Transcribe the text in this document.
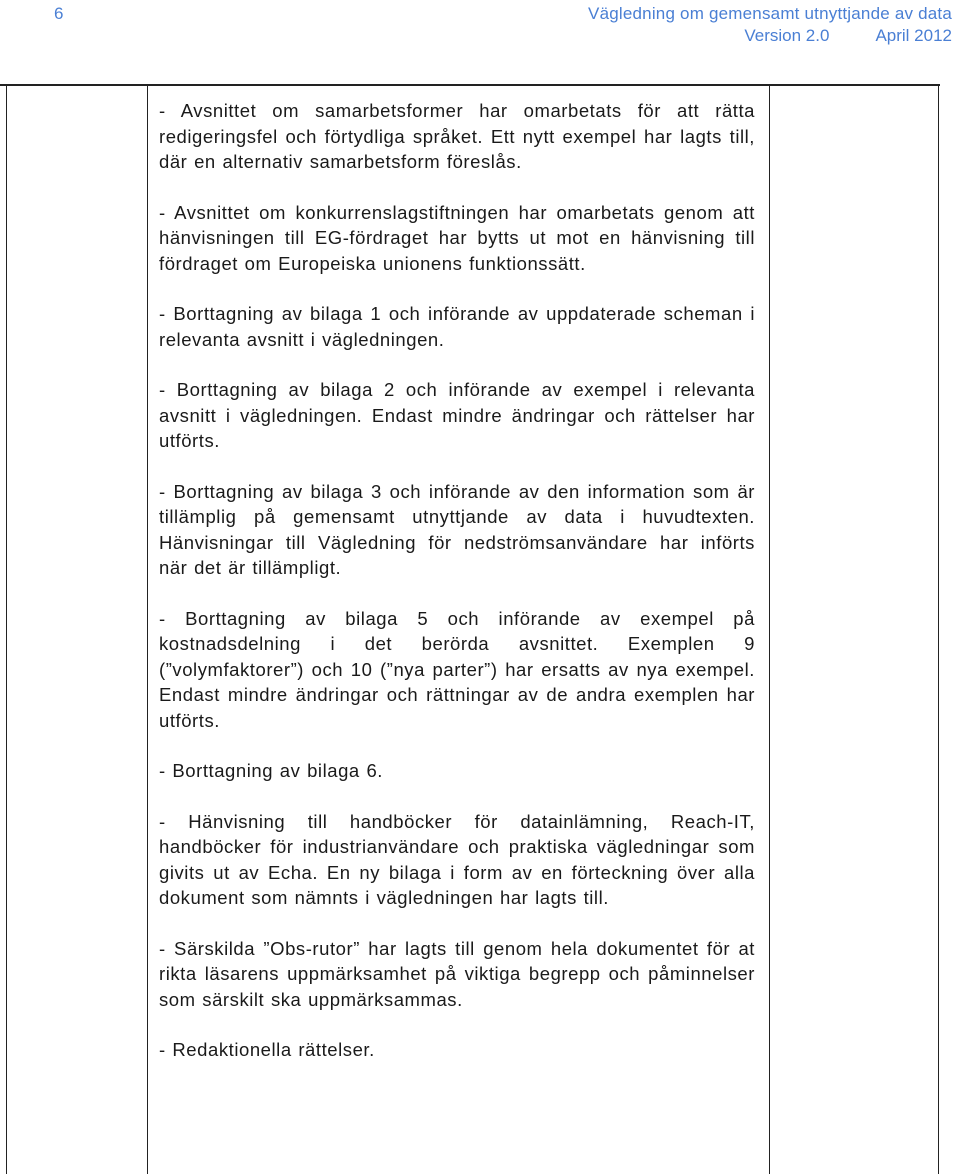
6	Vägledning om gemensamt utnyttjande av data
Version 2.0	April 2012

- Avsnittet om samarbetsformer har omarbetats för att rätta redigeringsfel och förtydliga språket. Ett nytt exempel har lagts till, där en alternativ samarbetsform föreslås.

- Avsnittet om konkurrenslagstiftningen har omarbetats genom att hänvisningen till EG-fördraget har bytts ut mot en hänvisning till fördraget om Europeiska unionens funktionssätt.

- Borttagning av bilaga 1 och införande av uppdaterade scheman i relevanta avsnitt i vägledningen.

- Borttagning av bilaga 2 och införande av exempel i relevanta avsnitt i vägledningen. Endast mindre ändringar och rättelser har utförts.

- Borttagning av bilaga 3 och införande av den information som är tillämplig på gemensamt utnyttjande av data i huvudtexten. Hänvisningar till Vägledning för nedströmsanvändare har införts när det är tillämpligt.

- Borttagning av bilaga 5 och införande av exempel på kostnadsdelning i det berörda avsnittet. Exemplen 9 (”volymfaktorer”) och 10 (”nya parter”) har ersatts av nya exempel. Endast mindre ändringar och rättningar av de andra exemplen har utförts.

- Borttagning av bilaga 6.

- Hänvisning till handböcker för datainlämning, Reach-IT, handböcker för industrianvändare och praktiska vägledningar som givits ut av Echa. En ny bilaga i form av en förteckning över alla dokument som nämnts i vägledningen har lagts till.

- Särskilda ”Obs-rutor” har lagts till genom hela dokumentet för at rikta läsarens uppmärksamhet på viktiga begrepp och påminnelser som särskilt ska uppmärksammas.

- Redaktionella rättelser.
